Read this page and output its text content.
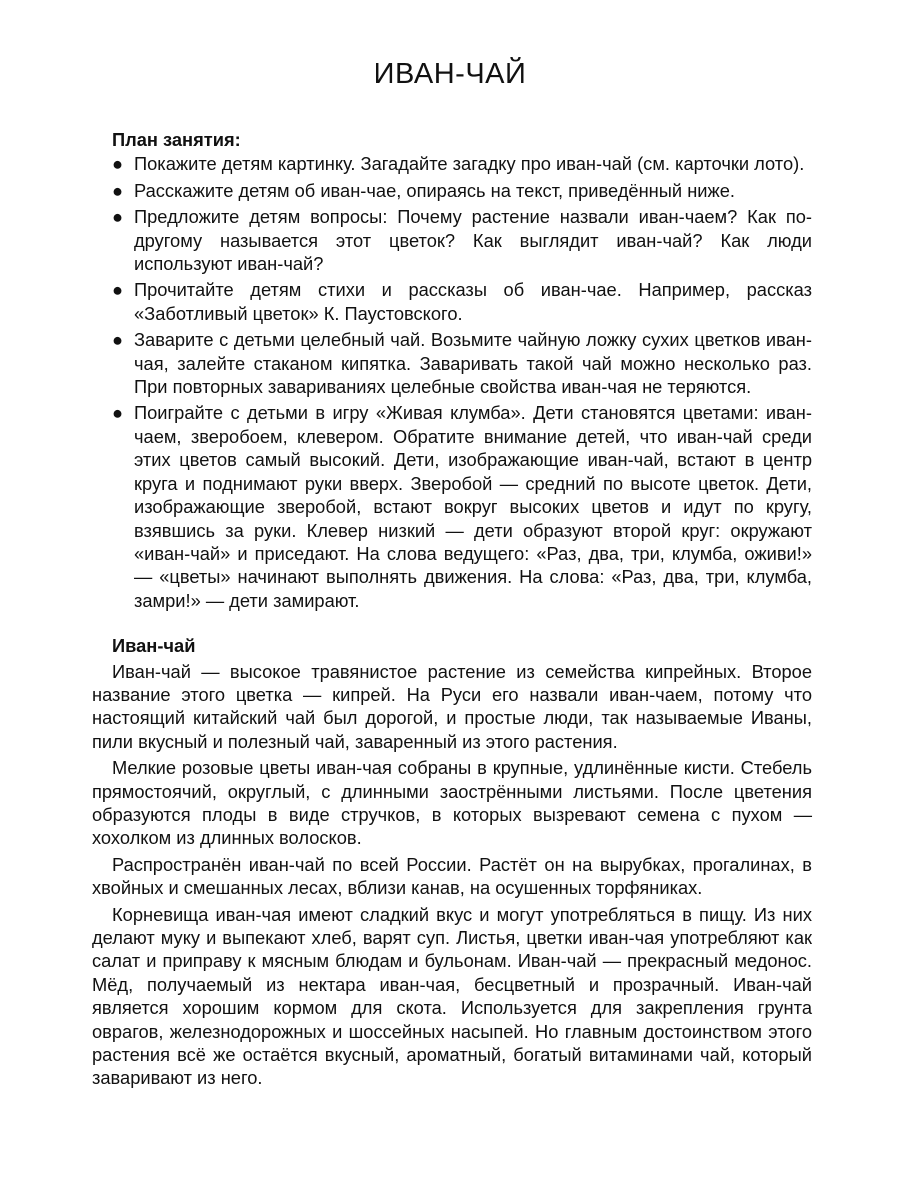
ИВАН-ЧАЙ
План занятия:
● Покажите детям картинку. Загадайте загадку про иван-чай (см. карточки лото).
● Расскажите детям об иван-чае, опираясь на текст, приведённый ниже.
● Предложите детям вопросы: Почему растение назвали иван-чаем? Как по-другому называется этот цветок? Как выглядит иван-чай? Как люди используют иван-чай?
● Прочитайте детям стихи и рассказы об иван-чае. Например, рассказ «Заботливый цветок» К. Паустовского.
● Заварите с детьми целебный чай. Возьмите чайную ложку сухих цветков иван-чая, залейте стаканом кипятка. Заваривать такой чай можно несколько раз. При повторных завариваниях целебные свойства иван-чая не теряются.
● Поиграйте с детьми в игру «Живая клумба». Дети становятся цветами: иван-чаем, зверобоем, клевером. Обратите внимание детей, что иван-чай среди этих цветов самый высокий. Дети, изображающие иван-чай, встают в центр круга и поднимают руки вверх. Зверобой — средний по высоте цветок. Дети, изображающие зверобой, встают вокруг высоких цветов и идут по кругу, взявшись за руки. Клевер низкий — дети образуют второй круг: окружают «иван-чай» и приседают. На слова ведущего: «Раз, два, три, клумба, оживи!» — «цветы» начинают выполнять движения. На слова: «Раз, два, три, клумба, замри!» — дети замирают.
Иван-чай

Иван-чай — высокое травянистое растение из семейства кипрейных. Второе название этого цветка — кипрей. На Руси его назвали иван-чаем, потому что настоящий китайский чай был дорогой, и простые люди, так называемые Иваны, пили вкусный и полезный чай, заваренный из этого растения.

Мелкие розовые цветы иван-чая собраны в крупные, удлинённые кисти. Стебель прямостоячий, округлый, с длинными заострёнными листьями. После цветения образуются плоды в виде стручков, в которых вызревают семена с пухом — хохолком из длинных волосков.

Распространён иван-чай по всей России. Растёт он на вырубках, прогалинах, в хвойных и смешанных лесах, вблизи канав, на осушенных торфяниках.

Корневища иван-чая имеют сладкий вкус и могут употребляться в пищу. Из них делают муку и выпекают хлеб, варят суп. Листья, цветки иван-чая употребляют как салат и приправу к мясным блюдам и бульонам. Иван-чай — прекрасный медонос. Мёд, получаемый из нектара иван-чая, бесцветный и прозрачный. Иван-чай является хорошим кормом для скота. Используется для закрепления грунта оврагов, железнодорожных и шоссейных насыпей. Но главным достоинством этого растения всё же остаётся вкусный, ароматный, богатый витаминами чай, который заваривают из него.
